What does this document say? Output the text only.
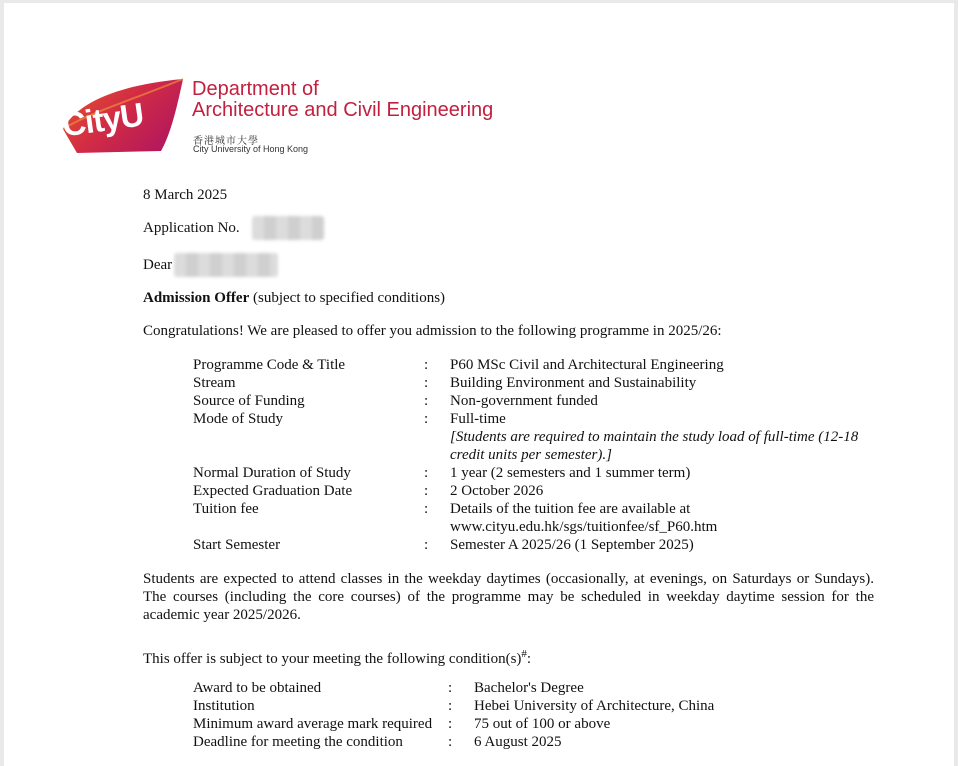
CityU
Department of
Architecture and Civil Engineering
香港城市大學
City University of Hong Kong
8 March 2025
Application No.
Dear
Admission Offer (subject to specified conditions)
Congratulations! We are pleased to offer you admission to the following programme in 2025/26:
Programme Code & Title	: P60 MSc Civil and Architectural Engineering
Stream	: Building Environment and Sustainability
Source of Funding	: Non-government funded
Mode of Study	: Full-time
[Students are required to maintain the study load of full-time (12-18
credit units per semester).]
Normal Duration of Study	: 1 year (2 semesters and 1 summer term)
Expected Graduation Date	: 2 October 2026
Tuition fee	: Details of the tuition fee are available at
www.cityu.edu.hk/sgs/tuitionfee/sf_P60.htm
Start Semester	: Semester A 2025/26 (1 September 2025)
Students are expected to attend classes in the weekday daytimes (occasionally, at evenings, on Saturdays or Sundays). The courses (including the core courses) of the programme may be scheduled in weekday daytime session for the academic year 2025/2026.
This offer is subject to your meeting the following condition(s)#:
Award to be obtained	: Bachelor's Degree
Institution	: Hebei University of Architecture, China
Minimum award average mark required : 75 out of 100 or above
Deadline for meeting the condition	: 6 August 2025
